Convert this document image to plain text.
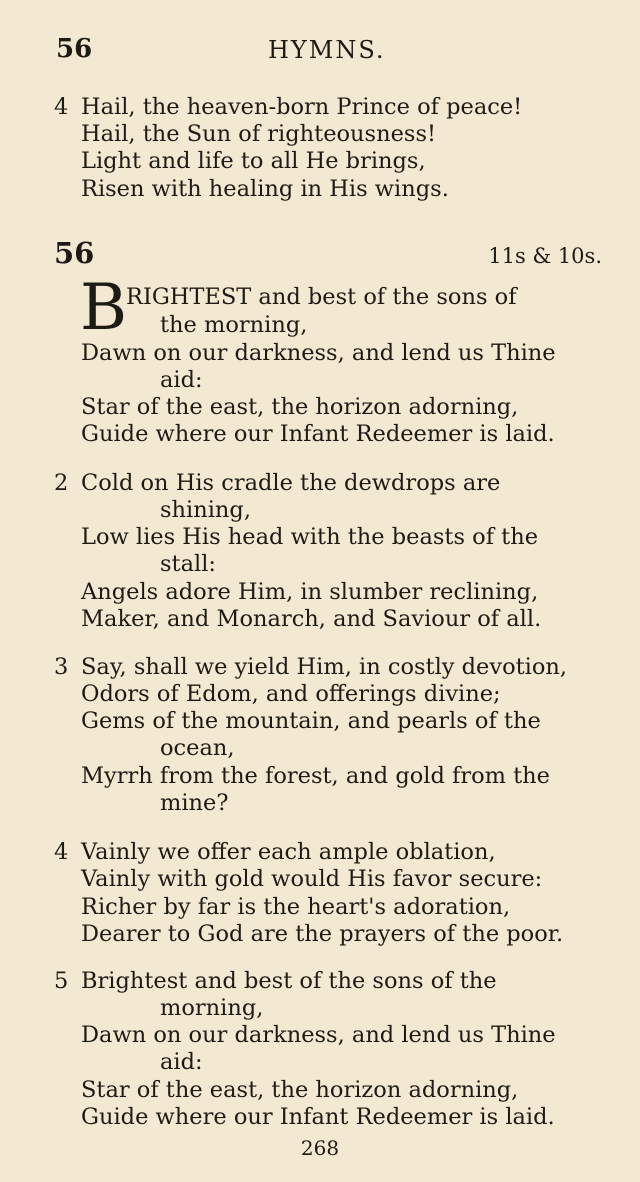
56	HYMNS.
4 Hail, the heaven-born Prince of peace!
Hail, the Sun of righteousness!
Light and life to all He brings,
Risen with healing in His wings.
56	11s & 10s.
B
RIGHTEST and best of the sons of
the morning,
Dawn on our darkness, and lend us Thine
aid:
Star of the east, the horizon adorning,
Guide where our Infant Redeemer is laid.
2 Cold on His cradle the dewdrops are
shining,
Low lies His head with the beasts of the
stall:
Angels adore Him, in slumber reclining,
Maker, and Monarch, and Saviour of all.
3 Say, shall we yield Him, in costly devotion,
Odors of Edom, and offerings divine;
Gems of the mountain, and pearls of the
ocean,
Myrrh from the forest, and gold from the
mine?
4 Vainly we offer each ample oblation,
Vainly with gold would His favor secure:
Richer by far is the heart's adoration,
Dearer to God are the prayers of the poor.
5 Brightest and best of the sons of the
morning,
Dawn on our darkness, and lend us Thine
aid:
Star of the east, the horizon adorning,
Guide where our Infant Redeemer is laid.
268
